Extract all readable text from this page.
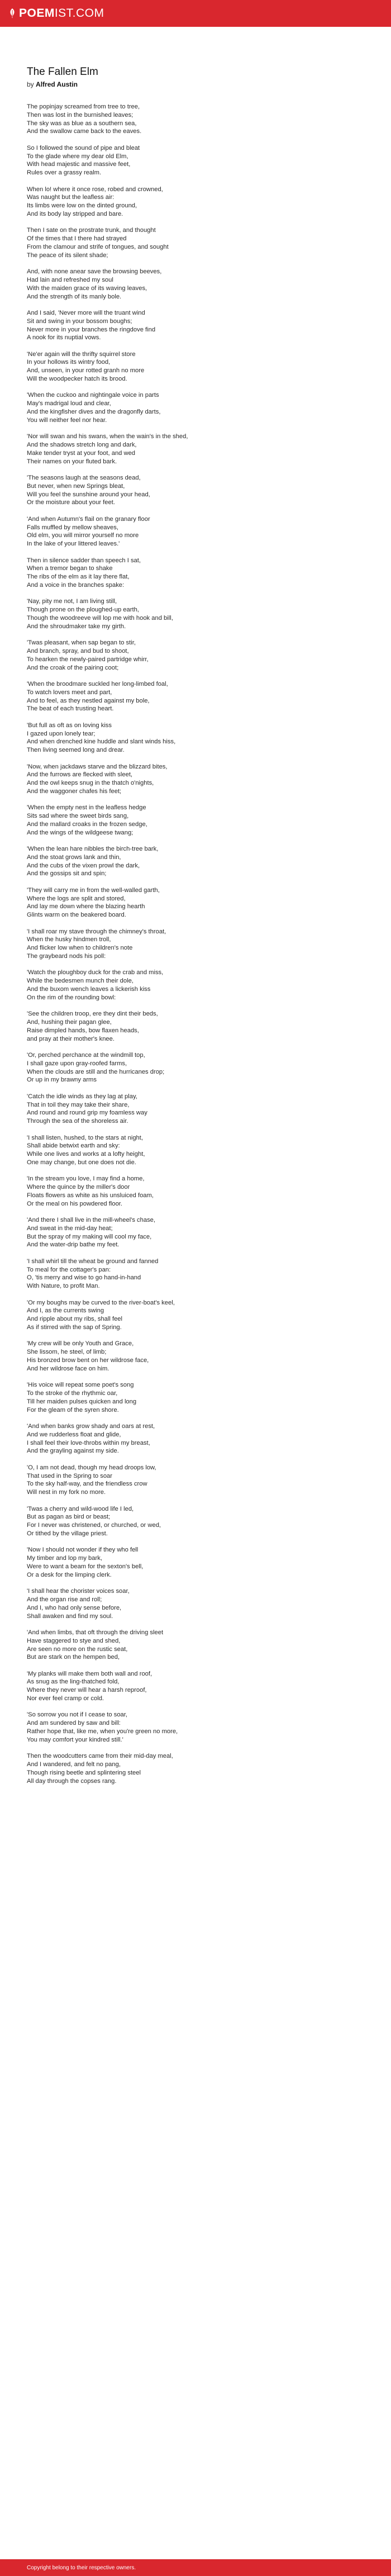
POEM IST.COM
The Fallen Elm
by Alfred Austin
The popinjay screamed from tree to tree,
Then was lost in the burnished leaves;
The sky was as blue as a southern sea,
And the swallow came back to the eaves.
So I followed the sound of pipe and bleat
To the glade where my dear old Elm,
With head majestic and massive feet,
Rules over a grassy realm.
When lo! where it once rose, robed and crowned,
Was naught but the leafless air:
Its limbs were low on the dinted ground,
And its body lay stripped and bare.
Then I sate on the prostrate trunk, and thought
Of the times that I there had strayed
From the clamour and strife of tongues, and sought
The peace of its silent shade;
And, with none anear save the browsing beeves,
Had lain and refreshed my soul
With the maiden grace of its waving leaves,
And the strength of its manly bole.
And I said, 'Never more will the truant wind
Sit and swing in your bossom boughs;
Never more in your branches the ringdove find
A nook for its nuptial vows.
'Ne'er again will the thrifty squirrel store
In your hollows its wintry food,
And, unseen, in your rotted granh no more
Will the woodpecker hatch its brood.
'When the cuckoo and nightingale voice in parts
May's madrigal loud and clear,
And the kingfisher dives and the dragonfly darts,
You will neither feel nor hear.
'Nor will swan and his swans, when the wain's in the shed,
And the shadows stretch long and dark,
Make tender tryst at your foot, and wed
Their names on your fluted bark.
'The seasons laugh at the seasons dead,
But never, when new Springs bleat,
Will you feel the sunshine around your head,
Or the moisture about your feet.
'And when Autumn's flail on the granary floor
Falls muffled by mellow sheaves,
Old elm, you will mirror yourself no more
In the lake of your littered leaves.'
Then in silence sadder than speech I sat,
When a tremor began to shake
The ribs of the elm as it lay there flat,
And a voice in the branches spake:
'Nay, pity me not, I am living still,
Though prone on the ploughed-up earth,
Though the woodreeve will lop me with hook and bill,
And the shroudmaker take my girth.
'Twas pleasant, when sap began to stir,
And branch, spray, and bud to shoot,
To hearken the newly-paired partridge whirr,
And the croak of the pairing coot;
'When the broodmare suckled her long-limbed foal,
To watch lovers meet and part,
And to feel, as they nestled against my bole,
The beat of each trusting heart.
'But full as oft as on loving kiss
I gazed upon lonely tear;
And when drenched kine huddle and slant winds hiss,
Then living seemed long and drear.
'Now, when jackdaws starve and the blizzard bites,
And the furrows are flecked with sleet,
And the owl keeps snug in the thatch o'nights,
And the waggoner chafes his feet;
'When the empty nest in the leafless hedge
Sits sad where the sweet birds sang,
And the mallard croaks in the frozen sedge,
And the wings of the wildgeese twang;
'When the lean hare nibbles the birch-tree bark,
And the stoat grows lank and thin,
And the cubs of the vixen prowl the dark,
And the gossips sit and spin;
'They will carry me in from the well-walled garth,
Where the logs are split and stored,
And lay me down where the blazing hearth
Glints warm on the beakered board.
'I shall roar my stave through the chimney's throat,
When the husky hindmen troll,
And flicker low when to children's note
The graybeard nods his poll:
'Watch the ploughboy duck for the crab and miss,
While the bedesmen munch their dole,
And the buxom wench leaves a lickerish kiss
On the rim of the rounding bowl:
'See the children troop, ere they dint their beds,
And, hushing their pagan glee,
Raise dimpled hands, bow flaxen heads,
and pray at their mother's knee.
'Or, perched perchance at the windmill top,
I shall gaze upon gray-roofed farms,
When the clouds are still and the hurricanes drop;
Or up in my brawny arms
'Catch the idle winds as they lag at play,
That in toil they may take their share,
And round and round grip my foamless way
Through the sea of the shoreless air.
'I shall listen, hushed, to the stars at night,
Shall abide betwixt earth and sky:
While one lives and works at a lofty height,
One may change, but one does not die.
'In the stream you love, I may find a home,
Where the quince by the miller's door
Floats flowers as white as his unsluiced foam,
Or the meal on his powdered floor.
'And there I shall live in the mill-wheel's chase,
And sweat in the mid-day heat;
But the spray of my making will cool my face,
And the water-drip bathe my feet.
'I shall whirl till the wheat be ground and fanned
To meal for the cottager's pan:
O, 'tis merry and wise to go hand-in-hand
With Nature, to profit Man.
'Or my boughs may be curved to the river-boat's keel,
And I, as the currents swing
And ripple about my ribs, shall feel
As if stirred with the sap of Spring.
'My crew will be only Youth and Grace,
She lissom, he steel, of limb;
His bronzed brow bent on her wildrose face,
And her wildrose face on him.
'His voice will repeat some poet's song
To the stroke of the rhythmic oar,
Till her maiden pulses quicken and long
For the gleam of the syren shore.
'And when banks grow shady and oars at rest,
And we rudderless float and glide,
I shall feel their love-throbs within my breast,
And the grayling against my side.
'O, I am not dead, though my head droops low,
That used in the Spring to soar
To the sky half-way, and the friendless crow
Will nest in my fork no more.
'Twas a cherry and wild-wood life I led,
But as pagan as bird or beast;
For I never was christened, or churched, or wed,
Or tithed by the village priest.
'Now I should not wonder if they who fell
My timber and lop my bark,
Were to want a beam for the sexton's bell,
Or a desk for the limping clerk.
'I shall hear the chorister voices soar,
And the organ rise and roll;
And I, who had only sense before,
Shall awaken and find my soul.
'And when limbs, that oft through the driving sleet
Have staggered to stye and shed,
Are seen no more on the rustic seat,
But are stark on the hempen bed,
'My planks will make them both wall and roof,
As snug as the ling-thatched fold,
Where they never will hear a harsh reproof,
Nor ever feel cramp or cold.
'So sorrow you not if I cease to soar,
And am sundered by saw and bill:
Rather hope that, like me, when you're green no more,
You may comfort your kindred still.'
Then the woodcutters came from their mid-day meal,
And I wandered, and felt no pang,
Though rising beetle and splintering steel
All day through the copses rang.
Copyright belong to their respective owners.
